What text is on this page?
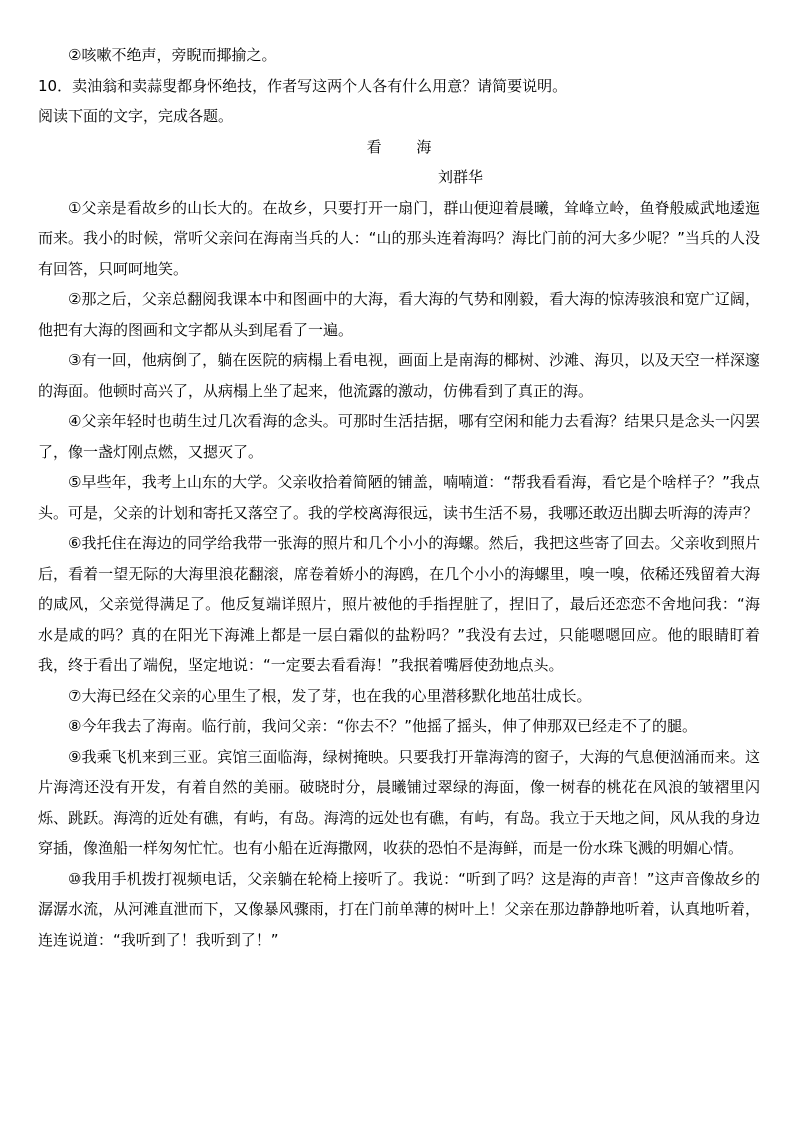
②咳嗽不绝声，旁睨而揶揄之。

10．卖油翁和卖蒜叟都身怀绝技，作者写这两个人各有什么用意？请简要说明。

阅读下面的文字，完成各题。

看 海

刘群华

①父亲是看故乡的山长大的。在故乡，只要打开一扇门，群山便迎着晨曦，耸峰立岭，鱼脊般威武地逶迤而来。我小的时候，常听父亲问在海南当兵的人：“山的那头连着海吗？海比门前的河大多少呢？”当兵的人没有回答，只呵呵地笑。

②那之后，父亲总翻阅我课本中和图画中的大海，看大海的气势和刚毅，看大海的惊涛骇浪和宽广辽阔，他把有大海的图画和文字都从头到尾看了一遍。

③有一回，他病倒了，躺在医院的病榻上看电视，画面上是南海的椰树、沙滩、海贝，以及天空一样深邃的海面。他顿时高兴了，从病榻上坐了起来，他流露的激动，仿佛看到了真正的海。

④父亲年轻时也萌生过几次看海的念头。可那时生活拮据，哪有空闲和能力去看海？结果只是念头一闪罢了，像一盏灯刚点燃，又摁灭了。

⑤早些年，我考上山东的大学。父亲收拾着简陋的铺盖，喃喃道：“帮我看看海，看它是个啥样子？”我点头。可是，父亲的计划和寄托又落空了。我的学校离海很远，读书生活不易，我哪还敢迈出脚去听海的涛声？

⑥我托住在海边的同学给我带一张海的照片和几个小小的海螺。然后，我把这些寄了回去。父亲收到照片后，看着一望无际的大海里浪花翻滚，席卷着娇小的海鸥，在几个小小的海螺里，嗅一嗅，依稀还残留着大海的咸风，父亲觉得满足了。他反复端详照片，照片被他的手指捏脏了，捏旧了，最后还恋恋不舍地问我：“海水是咸的吗？真的在阳光下海滩上都是一层白霜似的盐粉吗？”我没有去过，只能嗯嗯回应。他的眼睛盯着我，终于看出了端倪，坚定地说：“一定要去看看海！”我抿着嘴唇使劲地点头。

⑦大海已经在父亲的心里生了根，发了芽，也在我的心里潜移默化地茁壮成长。

⑧今年我去了海南。临行前，我问父亲：“你去不？”他摇了摇头，伸了伸那双已经走不了的腿。

⑨我乘飞机来到三亚。宾馆三面临海，绿树掩映。只要我打开靠海湾的窗子，大海的气息便汹涌而来。这片海湾还没有开发，有着自然的美丽。破晓时分，晨曦铺过翠绿的海面，像一树春的桃花在风浪的皱褶里闪烁、跳跃。海湾的近处有礁，有屿，有岛。海湾的远处也有礁，有屿，有岛。我立于天地之间，风从我的身边穿插，像渔船一样匆匆忙忙。也有小船在近海撒网，收获的恐怕不是海鲜，而是一份水珠飞溅的明媚心情。

⑩我用手机拨打视频电话，父亲躺在轮椅上接听了。我说：“听到了吗？这是海的声音！”这声音像故乡的潺潺水流，从河滩直泄而下，又像暴风骤雨，打在门前单薄的树叶上！父亲在那边静静地听着，认真地听着，连连说道：“我听到了！我听到了！”
